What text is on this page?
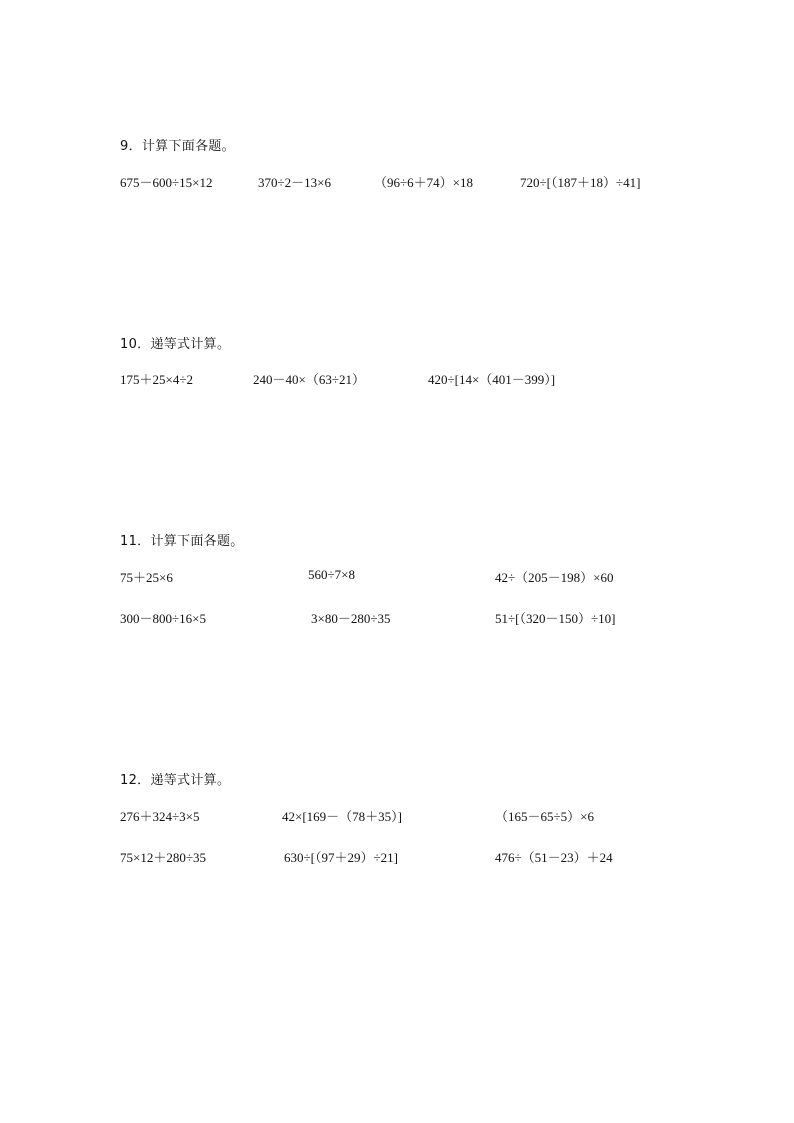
9．计算下面各题。
675－600÷15×12	370÷2－13×6	（96÷6＋74）×18	720÷[（187＋18）÷41]
10．递等式计算。
175＋25×4÷2	240－40×（63÷21）	420÷[14×（401－399）]
11．计算下面各题。
75＋25×6	560÷7×8	42÷（205－198）×60
300－800÷16×5	3×80－280÷35	51÷[（320－150）÷10]
12．递等式计算。
276＋324÷3×5	42×[169－（78＋35）]	（165－65÷5）×6
75×12＋280÷35	630÷[（97＋29）÷21]	476÷（51－23）＋24
